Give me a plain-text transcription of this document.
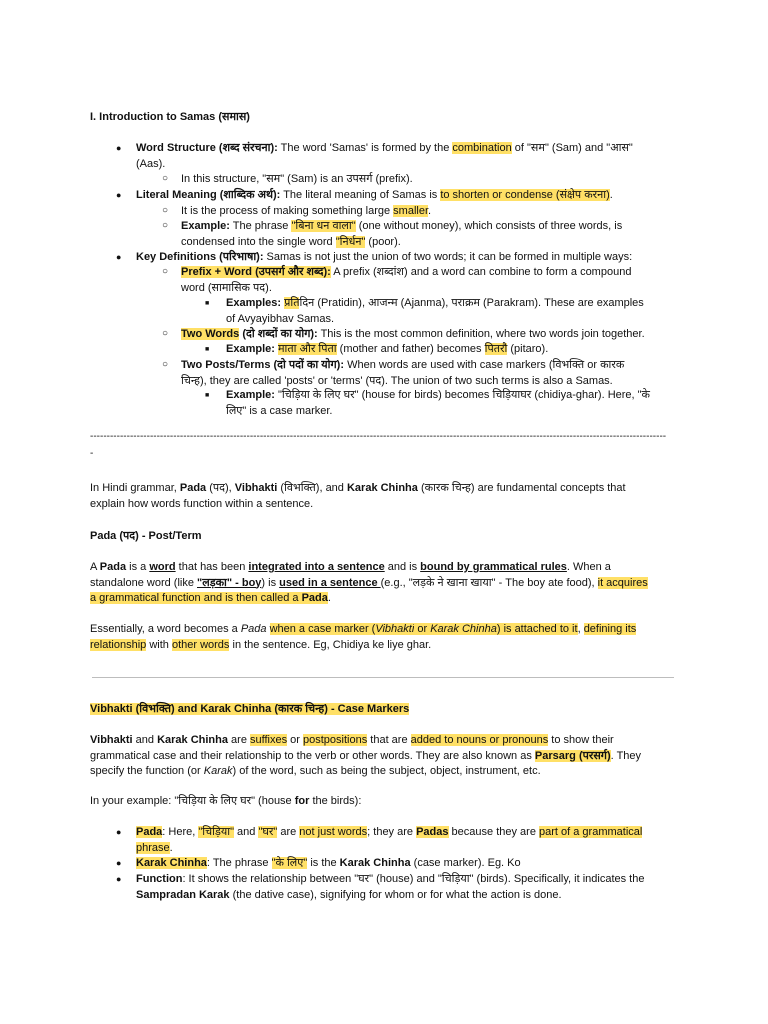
I. Introduction to Samas (समास)
● Word Structure (शब्द संरचना): The word 'Samas' is formed by the combination of "सम" (Sam) and "आस"
(Aas).
○ In this structure, "सम" (Sam) is an उपसर्ग (prefix).
● Literal Meaning (शाब्दिक अर्थ): The literal meaning of Samas is to shorten or condense (संक्षेप करना).
○ It is the process of making something large smaller.
○ Example: The phrase "बिना धन वाला" (one without money), which consists of three words, is
condensed into the single word "निर्धन" (poor).
● Key Definitions (परिभाषा): Samas is not just the union of two words; it can be formed in multiple ways:
○ Prefix + Word (उपसर्ग और शब्द): A prefix (शब्दांश) and a word can combine to form a compound
word (सामासिक पद).
■ Examples: प्रतिदिन (Pratidin), आजन्म (Ajanma), पराक्रम (Parakram). These are examples
of Avyayibhav Samas.
○ Two Words (दो शब्दों का योग): This is the most common definition, where two words join together.
■ Example: माता और पिता (mother and father) becomes पितरौ (pitaro).
○ Two Posts/Terms (दो पदों का योग): When words are used with case markers (विभक्ति or कारक
चिन्ह), they are called 'posts' or 'terms' (पद). The union of two such terms is also a Samas.
■ Example: "चिड़िया के लिए घर" (house for birds) becomes चिड़ियाघर (chidiya-ghar). Here, "के
लिए" is a case marker.
-----------------------------------------------------------------------------------------------------------------------------------------------------------------------------
-
In Hindi grammar, Pada (पद), Vibhakti (विभक्ति), and Karak Chinha (कारक चिन्ह) are fundamental concepts that
explain how words function within a sentence.
Pada (पद) - Post/Term
A Pada is a word that has been integrated into a sentence and is bound by grammatical rules. When a
standalone word (like "लड़का" - boy) is used in a sentence (e.g., "लड़के ने खाना खाया" - The boy ate food), it acquires
a grammatical function and is then called a Pada.
Essentially, a word becomes a Pada when a case marker (Vibhakti or Karak Chinha) is attached to it, defining its
relationship with other words in the sentence. Eg, Chidiya ke liye ghar.
Vibhakti (विभक्ति) and Karak Chinha (कारक चिन्ह) - Case Markers
Vibhakti and Karak Chinha are suffixes or postpositions that are added to nouns or pronouns to show their
grammatical case and their relationship to the verb or other words. They are also known as Parsarg (परसर्ग). They
specify the function (or Karak) of the word, such as being the subject, object, instrument, etc.
In your example: "चिड़िया के लिए घर" (house for the birds):
● Pada: Here, "चिड़िया" and "घर" are not just words; they are Padas because they are part of a grammatical
phrase.
● Karak Chinha: The phrase "के लिए" is the Karak Chinha (case marker). Eg. Ko
● Function: It shows the relationship between "घर" (house) and "चिड़िया" (birds). Specifically, it indicates the
Sampradan Karak (the dative case), signifying for whom or for what the action is done.
